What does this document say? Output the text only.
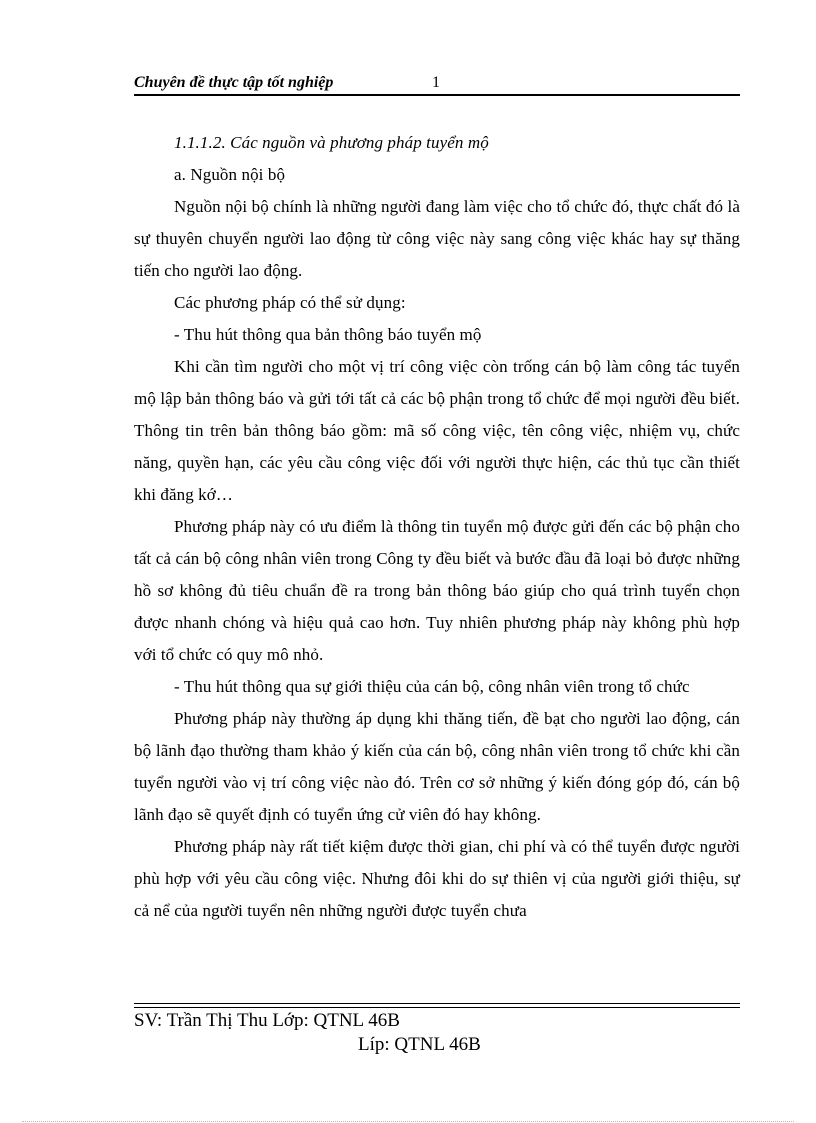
Chuyên đề thực tập tốt nghiệp	1

1.1.1.2. Các nguồn và phương pháp tuyển mộ

a. Nguồn nội bộ

Nguồn nội bộ chính là những người đang làm việc cho tổ chức đó, thực chất đó là sự thuyên chuyển người lao động từ công việc này sang công việc khác hay sự thăng tiến cho người lao động.

Các phương pháp có thể sử dụng:

- Thu hút thông qua bản thông báo tuyển mộ

Khi cần tìm người cho một vị trí công việc còn trống cán bộ làm công tác tuyển mộ lập bản thông báo và gửi tới tất cả các bộ phận trong tổ chức để mọi người đều biết. Thông tin trên bản thông báo gồm: mã số công việc, tên công việc, nhiệm vụ, chức năng, quyền hạn, các yêu cầu công việc đối với người thực hiện, các thủ tục cần thiết khi đăng kớ…

Phương pháp này có ưu điểm là thông tin tuyển mộ được gửi đến các bộ phận cho tất cả cán bộ công nhân viên trong Công ty đều biết và bước đầu đã loại bỏ được những hồ sơ không đủ tiêu chuẩn đề ra trong bản thông báo giúp cho quá trình tuyển chọn được nhanh chóng và hiệu quả cao hơn. Tuy nhiên phương pháp này không phù hợp với tổ chức có quy mô nhỏ.

- Thu hút thông qua sự giới thiệu của cán bộ, công nhân viên trong tổ chức

Phương pháp này thường áp dụng khi thăng tiến, đề bạt cho người lao động, cán bộ lãnh đạo thường tham khảo ý kiến của cán bộ, công nhân viên trong tổ chức khi cần tuyển người vào vị trí công việc nào đó. Trên cơ sở những ý kiến đóng góp đó, cán bộ lãnh đạo sẽ quyết định có tuyển ứng cử viên đó hay không.

Phương pháp này rất tiết kiệm được thời gian, chi phí và có thể tuyển được người phù hợp với yêu cầu công việc. Nhưng đôi khi do sự thiên vị của người giới thiệu, sự cả nể của người tuyển nên những người được tuyển chưa

SV: Trần Thị Thu Lớp: QTNL 46B
Líp: QTNL 46B
